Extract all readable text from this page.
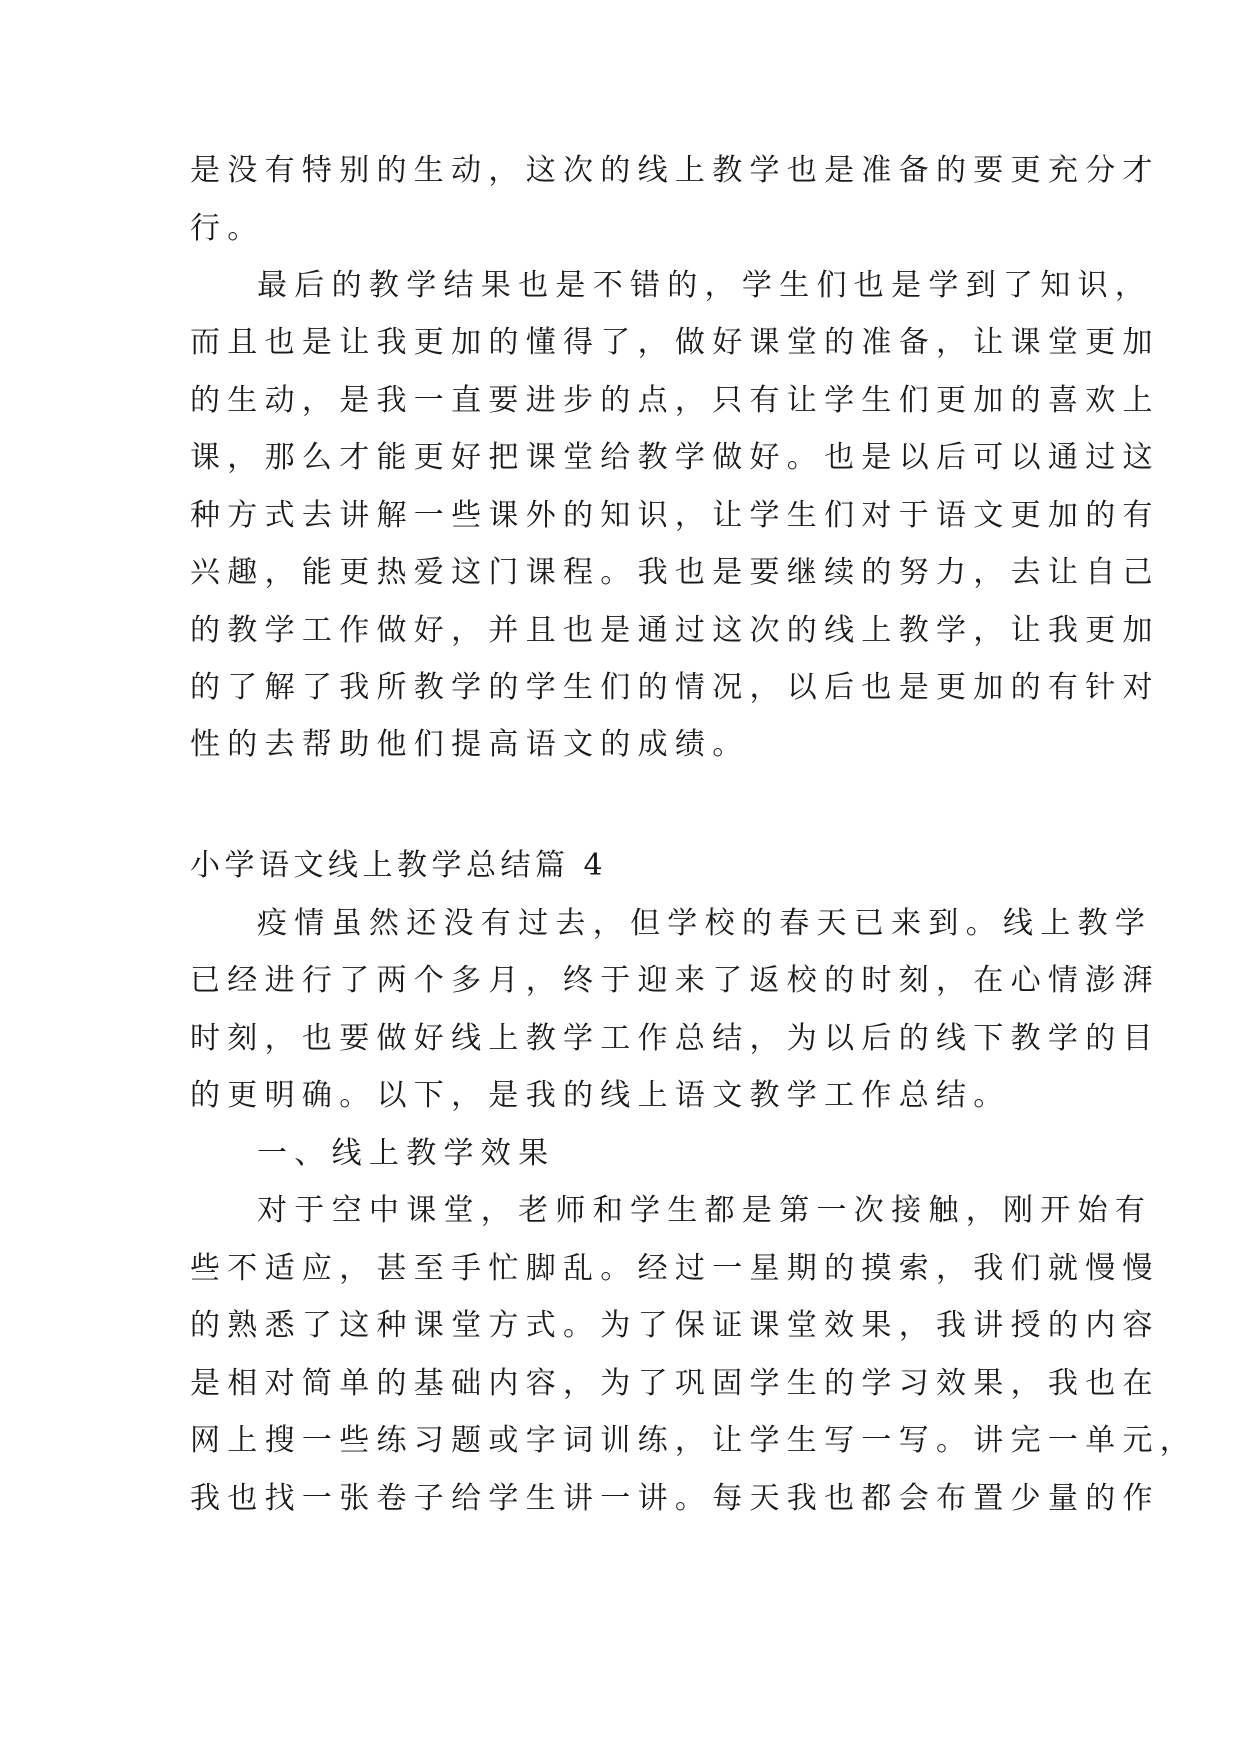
是没有特别的生动，这次的线上教学也是准备的要更充分才
行。
最后的教学结果也是不错的，学生们也是学到了知识，
而且也是让我更加的懂得了，做好课堂的准备，让课堂更加
的生动，是我一直要进步的点，只有让学生们更加的喜欢上
课，那么才能更好把课堂给教学做好。也是以后可以通过这
种方式去讲解一些课外的知识，让学生们对于语文更加的有
兴趣，能更热爱这门课程。我也是要继续的努力，去让自己
的教学工作做好，并且也是通过这次的线上教学，让我更加
的了解了我所教学的学生们的情况，以后也是更加的有针对
性的去帮助他们提高语文的成绩。
小学语文线上教学总结篇 4
疫情虽然还没有过去，但学校的春天已来到。线上教学
已经进行了两个多月，终于迎来了返校的时刻，在心情澎湃
时刻，也要做好线上教学工作总结，为以后的线下教学的目
的更明确。以下，是我的线上语文教学工作总结。
一、线上教学效果
对于空中课堂，老师和学生都是第一次接触，刚开始有
些不适应，甚至手忙脚乱。经过一星期的摸索，我们就慢慢
的熟悉了这种课堂方式。为了保证课堂效果，我讲授的内容
是相对简单的基础内容，为了巩固学生的学习效果，我也在
网上搜一些练习题或字词训练，让学生写一写。讲完一单元，
我也找一张卷子给学生讲一讲。每天我也都会布置少量的作
